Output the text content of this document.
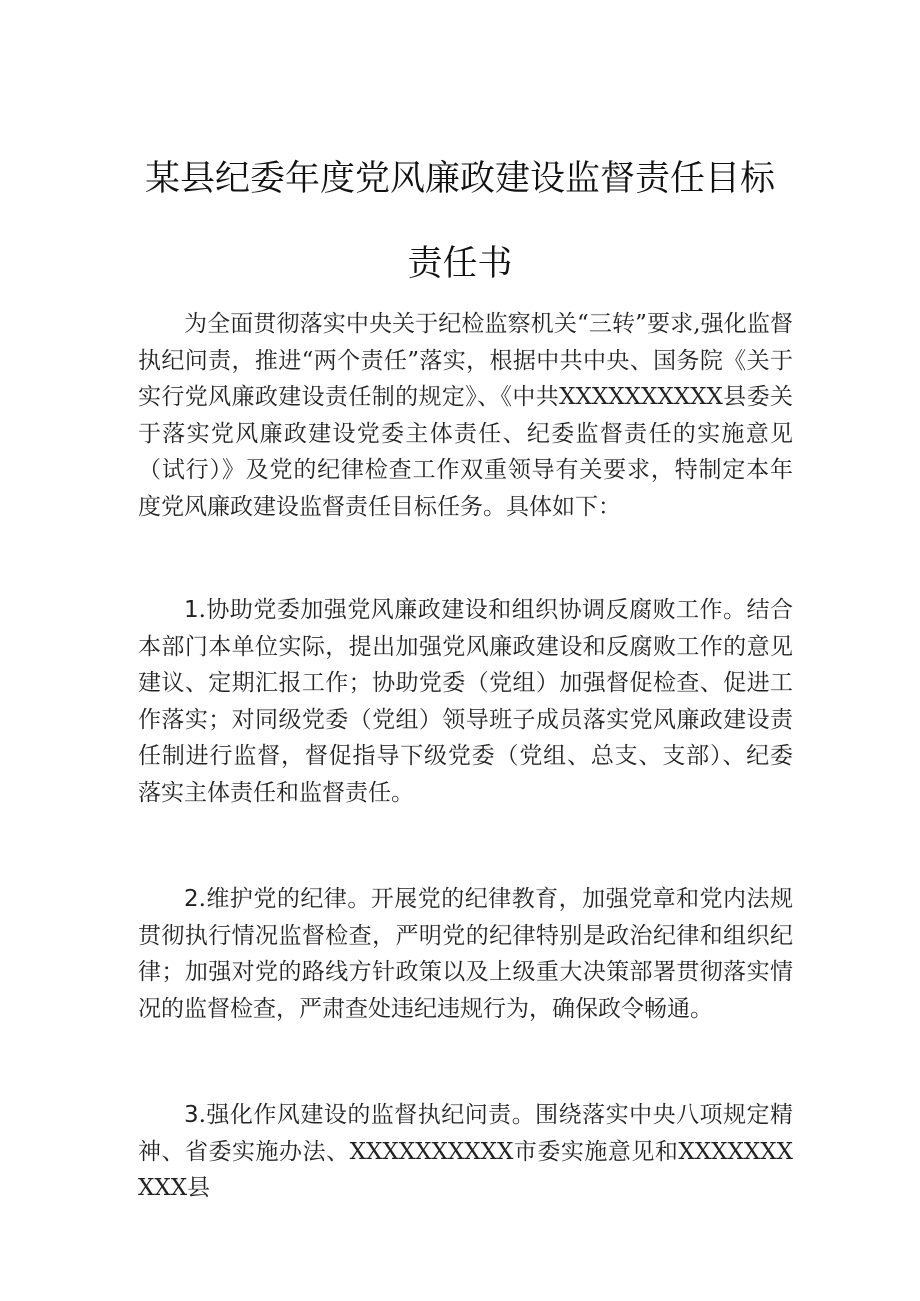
某县纪委年度党风廉政建设监督责任目标
责任书

为全面贯彻落实中央关于纪检监察机关“三转”要求,强化监督执纪问责，推进“两个责任”落实，根据中共中央、国务院《关于实行党风廉政建设责任制的规定》、《中共XXXXXXXXXX县委关于落实党风廉政建设党委主体责任、纪委监督责任的实施意见（试行）》及党的纪律检查工作双重领导有关要求，特制定本年度党风廉政建设监督责任目标任务。具体如下：

1.协助党委加强党风廉政建设和组织协调反腐败工作。结合本部门本单位实际，提出加强党风廉政建设和反腐败工作的意见建议、定期汇报工作；协助党委（党组）加强督促检查、促进工作落实；对同级党委（党组）领导班子成员落实党风廉政建设责任制进行监督，督促指导下级党委（党组、总支、支部）、纪委落实主体责任和监督责任。

2.维护党的纪律。开展党的纪律教育，加强党章和党内法规贯彻执行情况监督检查，严明党的纪律特别是政治纪律和组织纪律；加强对党的路线方针政策以及上级重大决策部署贯彻落实情况的监督检查，严肃查处违纪违规行为，确保政令畅通。

3.强化作风建设的监督执纪问责。围绕落实中央八项规定精神、省委实施办法、XXXXXXXXXX市委实施意见和XXXXXXXXXX县
